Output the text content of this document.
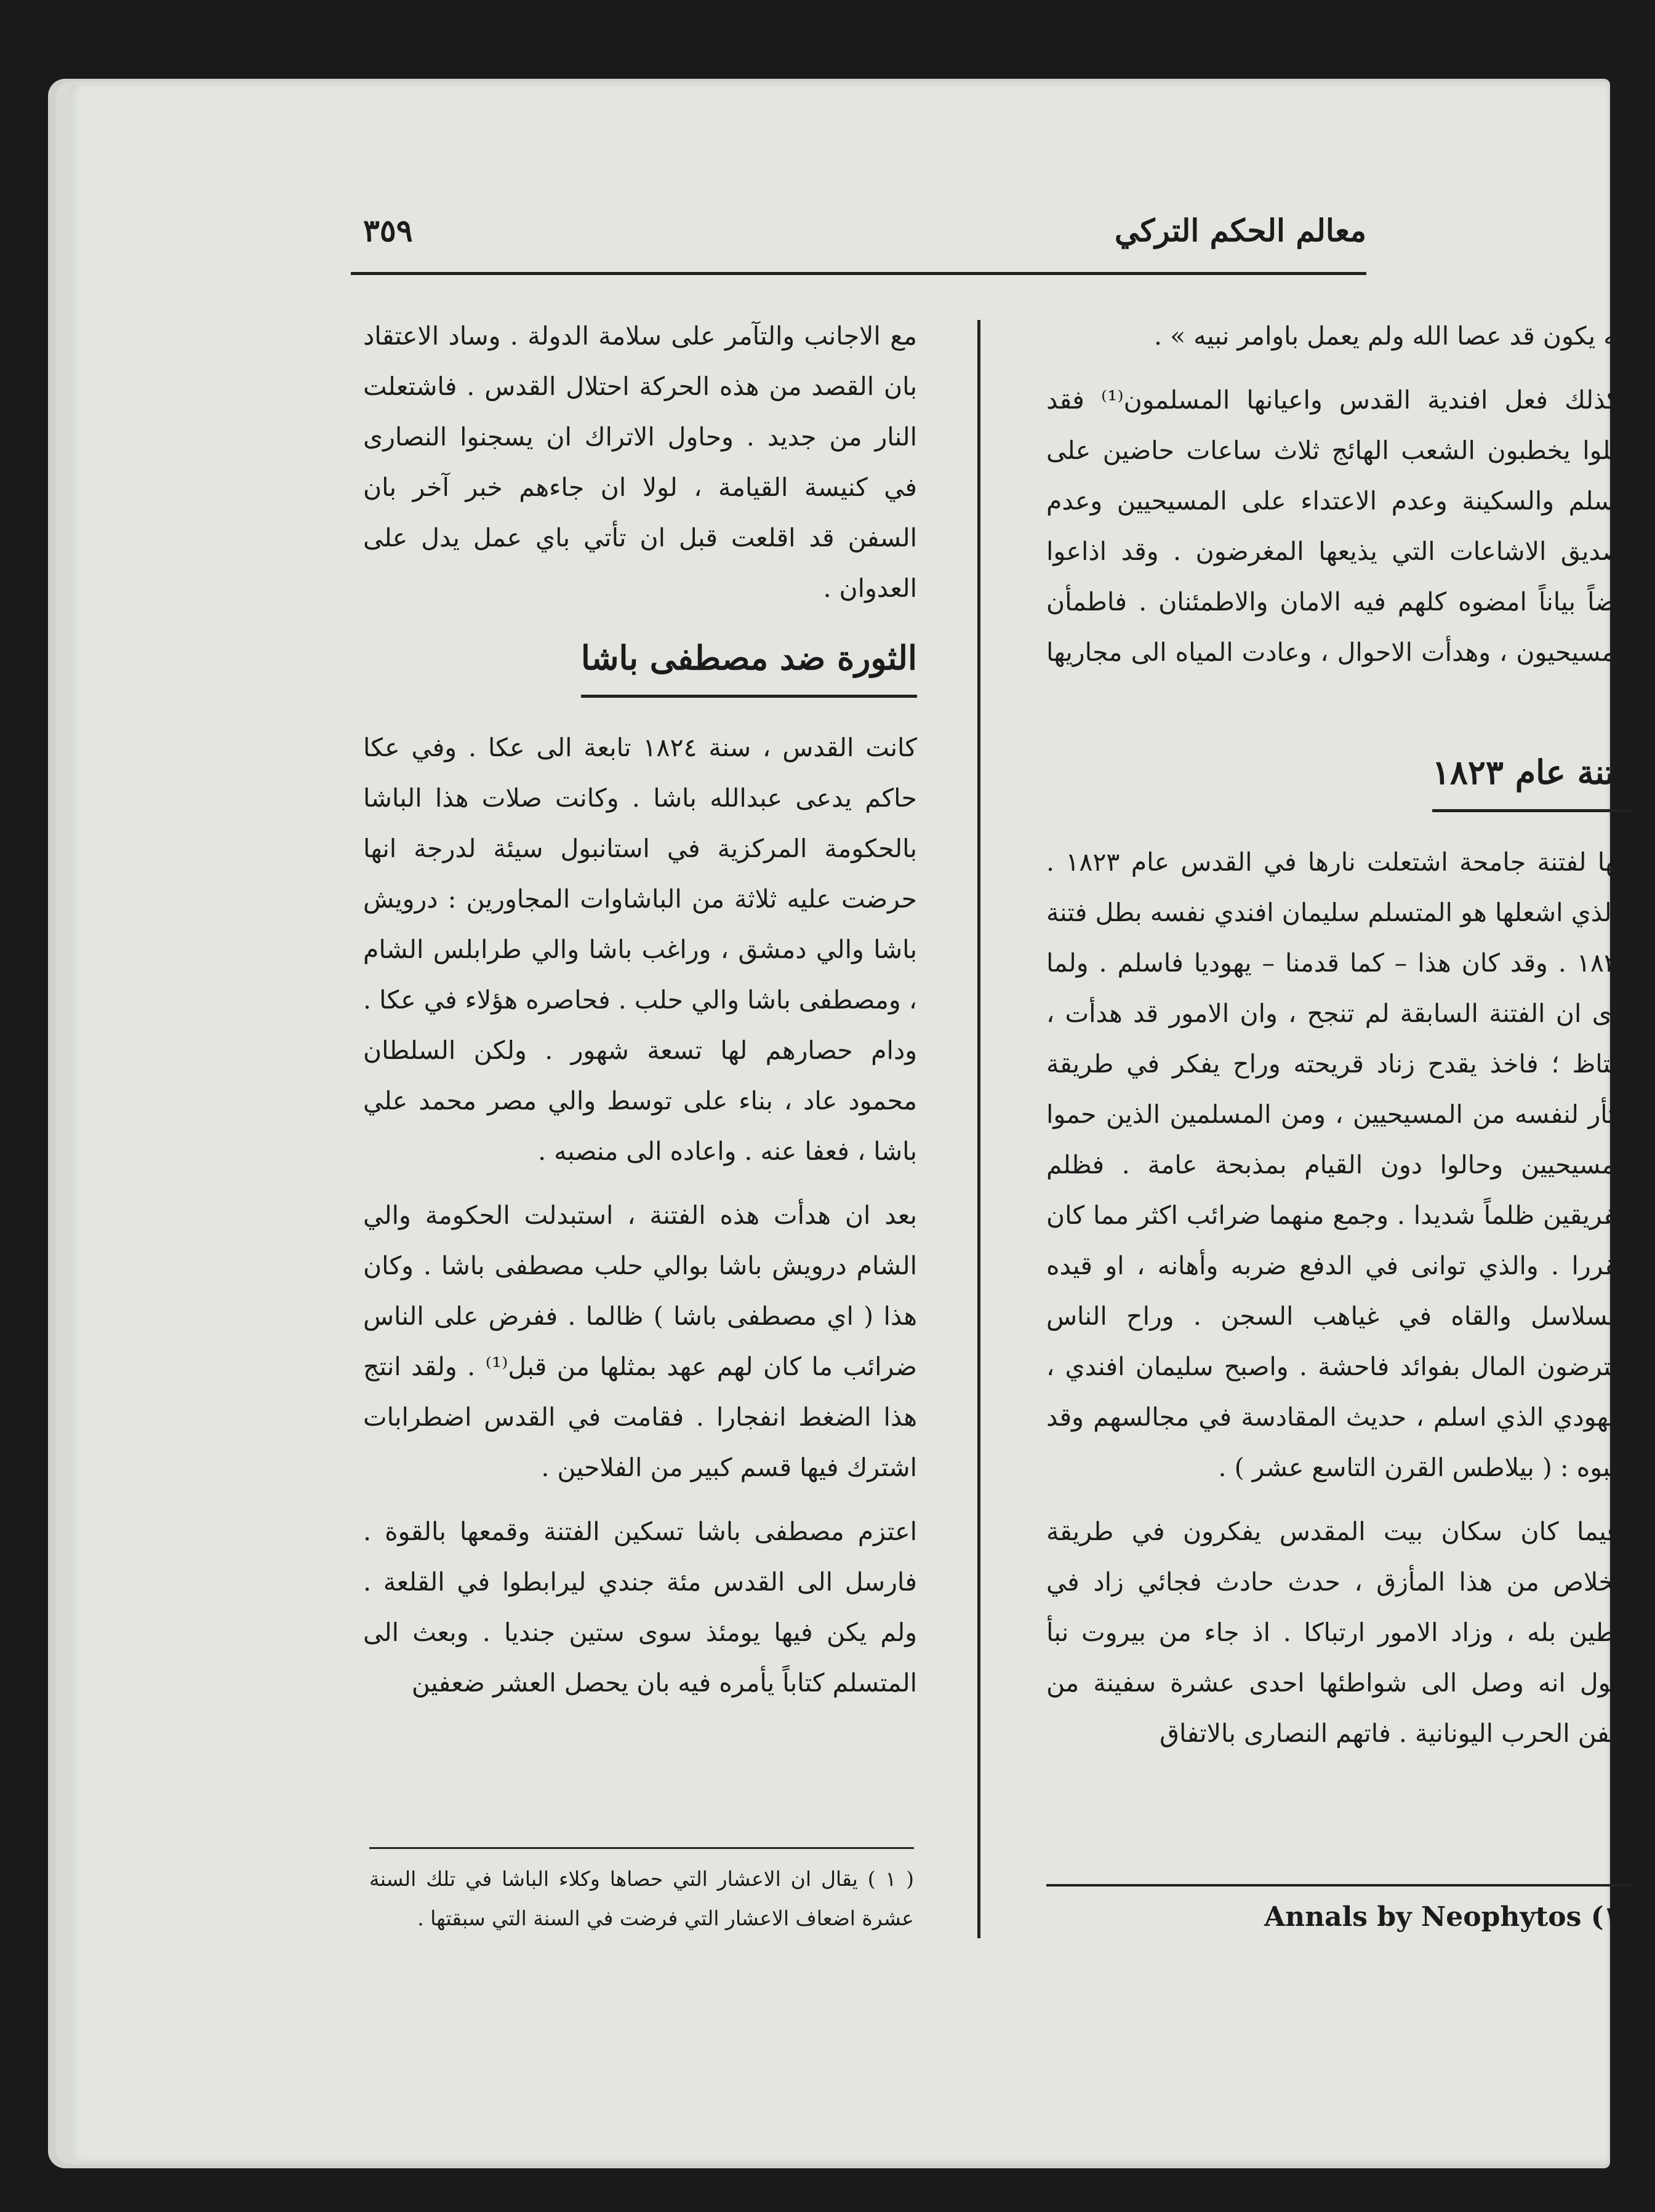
معالم الحكم التركي
٣٥٩

انه يكون قد عصا الله ولم يعمل باوامر نبيه » .

وكذلك فعل افندية القدس واعيانها المسلمون⁽¹⁾ فقد ظلوا يخطبون الشعب الهائج ثلاث ساعات حاضين على السلم والسكينة وعدم الاعتداء على المسيحيين وعدم تصديق الاشاعات التي يذيعها المغرضون . وقد اذاعوا ايضاً بياناً امضوه كلهم فيه الامان والاطمئنان . فاطمأن المسيحيون ، وهدأت الاحوال ، وعادت المياه الى مجاريها .

فتنة عام ١٨٢٣

انها لفتنة جامحة اشتعلت نارها في القدس عام ١٨٢٣ . والذي اشعلها هو المتسلم سليمان افندي نفسه بطل فتنة ١٨٢١ . وقد كان هذا – كما قدمنا – يهوديا فاسلم . ولما رأى ان الفتنة السابقة لم تنجح ، وان الامور قد هدأت ، اغتاظ ؛ فاخذ يقدح زناد قريحته وراح يفكر في طريقة ليثأر لنفسه من المسيحيين ، ومن المسلمين الذين حموا المسيحيين وحالوا دون القيام بمذبحة عامة . فظلم الفريقين ظلماً شديدا . وجمع منهما ضرائب اكثر مما كان مقررا . والذي توانى في الدفع ضربه وأهانه ، او قيده بالسلاسل والقاه في غياهب السجن . وراح الناس يقترضون المال بفوائد فاحشة . واصبح سليمان افندي ، اليهودي الذي اسلم ، حديث المقادسة في مجالسهم وقد لقبوه : ( بيلاطس القرن التاسع عشر ) .

وفيما كان سكان بيت المقدس يفكرون في طريقة للخلاص من هذا المأزق ، حدث حادث فجائي زاد في الطين بله ، وزاد الامور ارتباكا . اذ جاء من بيروت نبأ يقول انه وصل الى شواطئها احدى عشرة سفينة من سفن الحرب اليونانية . فاتهم النصارى بالاتفاق

مع الاجانب والتآمر على سلامة الدولة . وساد الاعتقاد بان القصد من هذه الحركة احتلال القدس . فاشتعلت النار من جديد . وحاول الاتراك ان يسجنوا النصارى في كنيسة القيامة ، لولا ان جاءهم خبر آخر بان السفن قد اقلعت قبل ان تأتي باي عمل يدل على العدوان .

الثورة ضد مصطفى باشا

كانت القدس ، سنة ١٨٢٤ تابعة الى عكا . وفي عكا حاكم يدعى عبدالله باشا . وكانت صلات هذا الباشا بالحكومة المركزية في استانبول سيئة لدرجة انها حرضت عليه ثلاثة من الباشاوات المجاورين : درويش باشا والي دمشق ، وراغب باشا والي طرابلس الشام ، ومصطفى باشا والي حلب . فحاصره هؤلاء في عكا . ودام حصارهم لها تسعة شهور . ولكن السلطان محمود عاد ، بناء على توسط والي مصر محمد علي باشا ، فعفا عنه . واعاده الى منصبه .

بعد ان هدأت هذه الفتنة ، استبدلت الحكومة والي الشام درويش باشا بوالي حلب مصطفى باشا . وكان هذا ( اي مصطفى باشا ) ظالما . ففرض على الناس ضرائب ما كان لهم عهد بمثلها من قبل⁽¹⁾ . ولقد انتج هذا الضغط انفجارا . فقامت في القدس اضطرابات اشترك فيها قسم كبير من الفلاحين .

اعتزم مصطفى باشا تسكين الفتنة وقمعها بالقوة . فارسل الى القدس مئة جندي ليرابطوا في القلعة . ولم يكن فيها يومئذ سوى ستين جنديا . وبعث الى المتسلم كتاباً يأمره فيه بان يحصل العشر ضعفين

( ١ ) يقال ان الاعشار التي حصاها وكلاء الباشا في تلك السنة عشرة اضعاف الاعشار التي فرضت في السنة التي سبقتها .	(١) Annals by Neophytos
